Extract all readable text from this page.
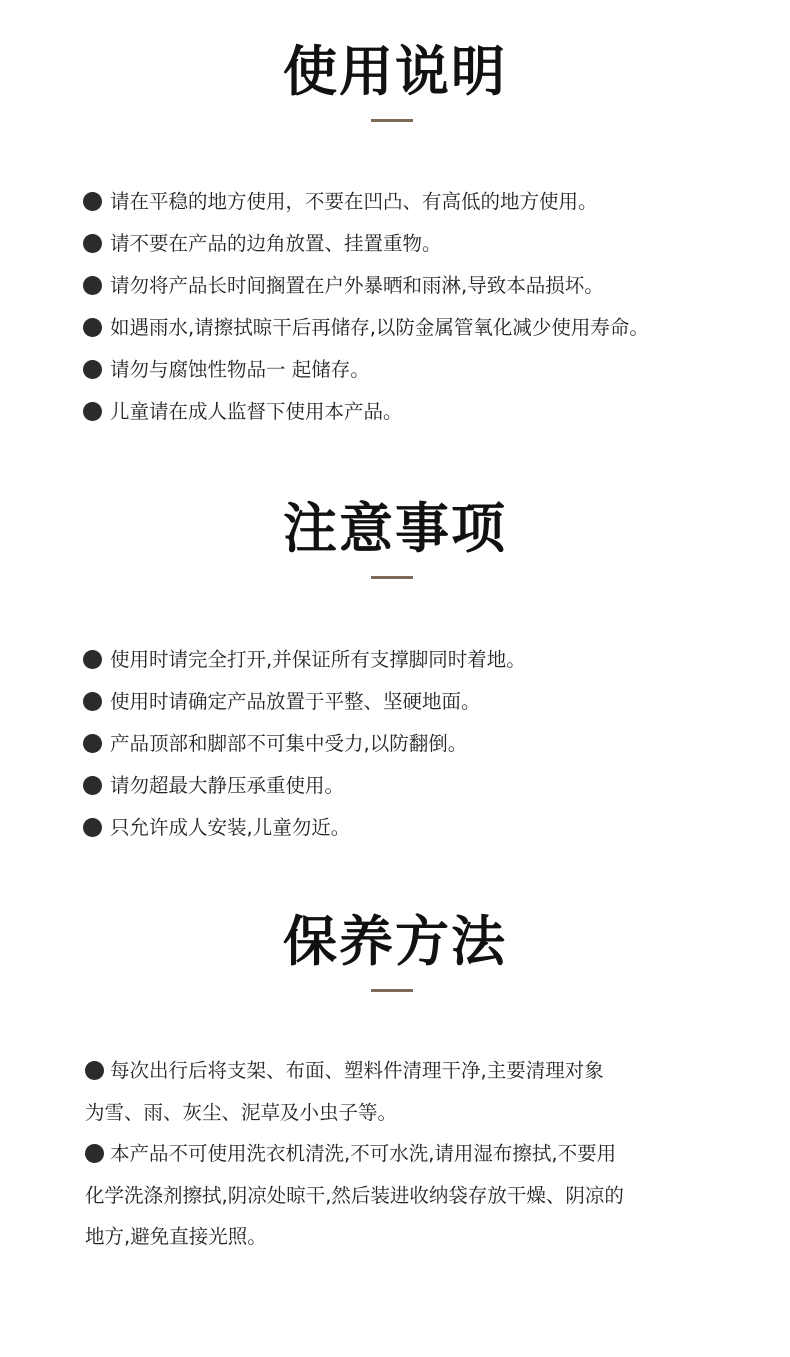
使用说明
请在平稳的地方使用，不要在凹凸、有高低的地方使用。
请不要在产品的边角放置、挂置重物。
请勿将产品长时间搁置在户外暴晒和雨淋,导致本品损坏。
如遇雨水,请擦拭晾干后再储存,以防金属管氧化减少使用寿命。
请勿与腐蚀性物品一 起储存。
儿童请在成人监督下使用本产品。
注意事项
使用时请完全打开,并保证所有支撑脚同时着地。
使用时请确定产品放置于平整、坚硬地面。
产品顶部和脚部不可集中受力,以防翻倒。
请勿超最大静压承重使用。
只允许成人安装,儿童勿近。
保养方法
每次出行后将支架、布面、塑料件清理干净,主要清理对象
为雪、雨、灰尘、泥草及小虫子等。
本产品不可使用洗衣机清洗,不可水洗,请用湿布擦拭,不要用
化学洗涤剂擦拭,阴凉处晾干,然后装进收纳袋存放干燥、阴凉的
地方,避免直接光照。
